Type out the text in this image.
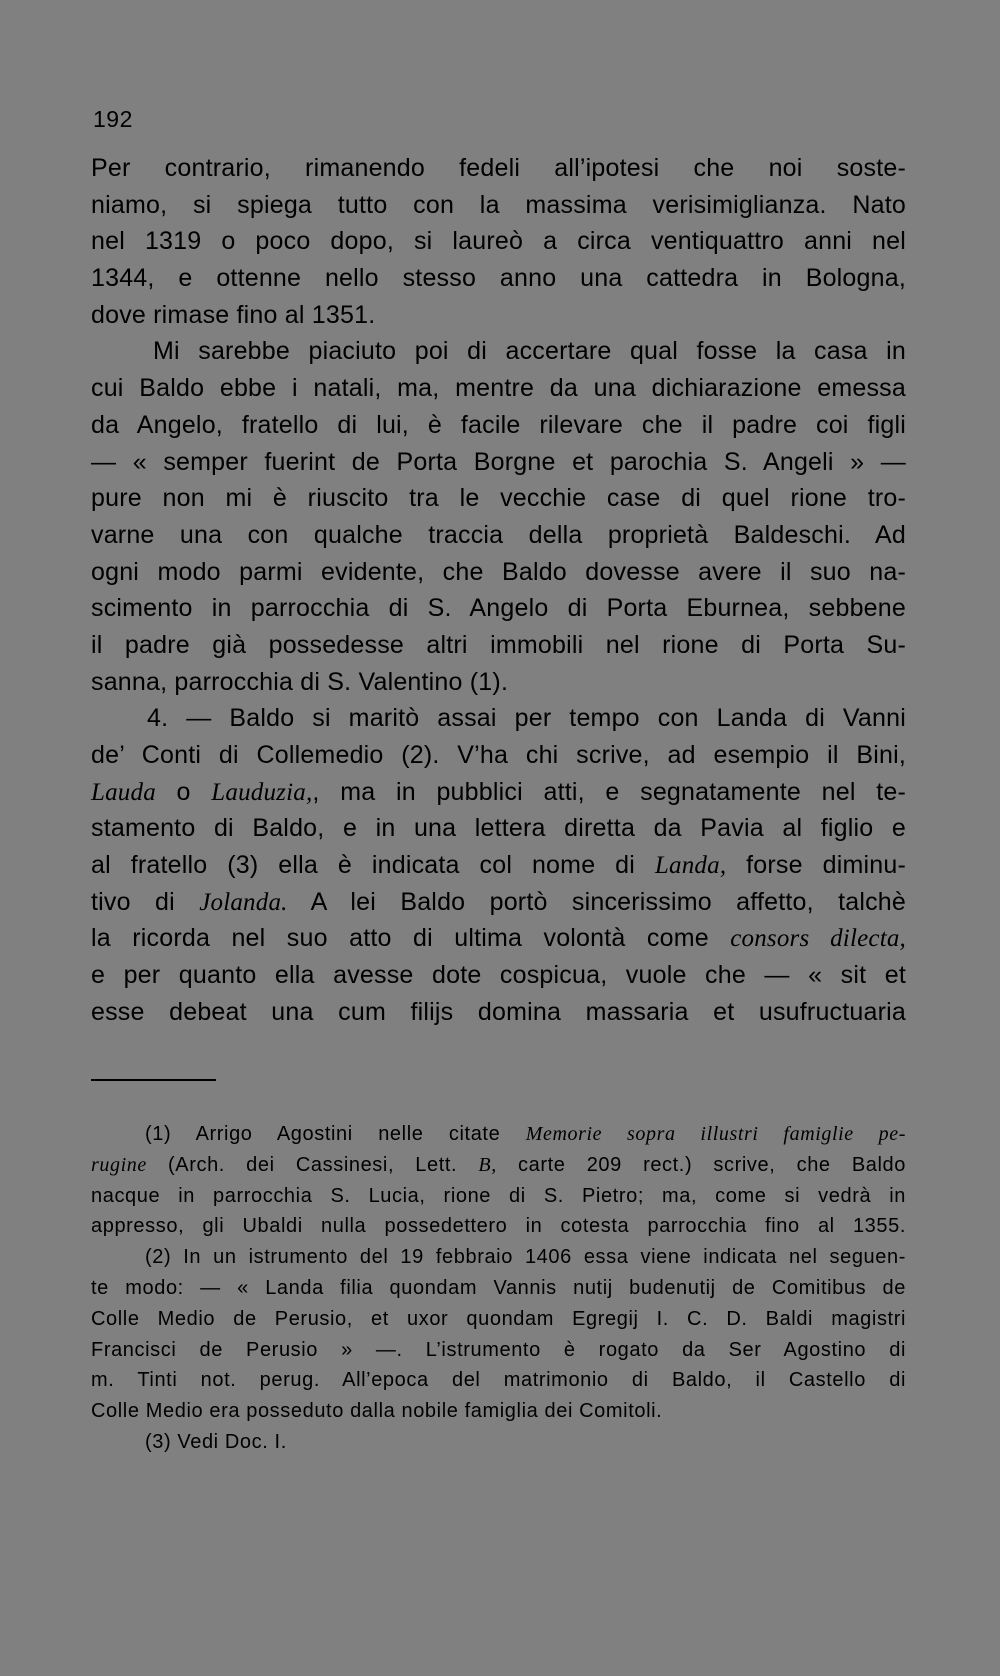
192
Per contrario, rimanendo fedeli all’ipotesi che noi soste-
niamo, si spiega tutto con la massima verisimiglianza. Nato
nel 1319 o poco dopo, si laureò a circa ventiquattro anni nel
1344, e ottenne nello stesso anno una cattedra in Bologna,
dove rimase fino al 1351.
Mi sarebbe piaciuto poi di accertare qual fosse la casa in
cui Baldo ebbe i natali, ma, mentre da una dichiarazione emessa
da Angelo, fratello di lui, è facile rilevare che il padre coi figli
— « semper fuerint de Porta Borgne et parochia S. Angeli » —
pure non mi è riuscito tra le vecchie case di quel rione tro-
varne una con qualche traccia della proprietà Baldeschi. Ad
ogni modo parmi evidente, che Baldo dovesse avere il suo na-
scimento in parrocchia di S. Angelo di Porta Eburnea, sebbene
il padre già possedesse altri immobili nel rione di Porta Su-
sanna, parrocchia di S. Valentino (1).
4. — Baldo si maritò assai per tempo con Landa di Vanni
de’ Conti di Collemedio (2). V’ha chi scrive, ad esempio il Bini,
Lauda o Lauduzia,, ma in pubblici atti, e segnatamente nel te-
stamento di Baldo, e in una lettera diretta da Pavia al figlio e
al fratello (3) ella è indicata col nome di Landa, forse diminu-
tivo di Jolanda. A lei Baldo portò sincerissimo affetto, talchè
la ricorda nel suo atto di ultima volontà come consors dilecta,
e per quanto ella avesse dote cospicua, vuole che — « sit et
esse debeat una cum filijs domina massaria et usufructuaria
(1) Arrigo Agostini nelle citate Memorie sopra illustri famiglie pe-
rugine (Arch. dei Cassinesi, Lett. B, carte 209 rect.) scrive, che Baldo
nacque in parrocchia S. Lucia, rione di S. Pietro; ma, come si vedrà in
appresso, gli Ubaldi nulla possedettero in cotesta parrocchia fino al 1355.
(2) In un istrumento del 19 febbraio 1406 essa viene indicata nel seguen-
te modo: — « Landa filia quondam Vannis nutij budenutij de Comitibus de
Colle Medio de Perusio, et uxor quondam Egregij I. C. D. Baldi magistri
Francisci de Perusio » —. L’istrumento è rogato da Ser Agostino di
m. Tinti not. perug. All’epoca del matrimonio di Baldo, il Castello di
Colle Medio era posseduto dalla nobile famiglia dei Comitoli.
(3) Vedi Doc. I.
